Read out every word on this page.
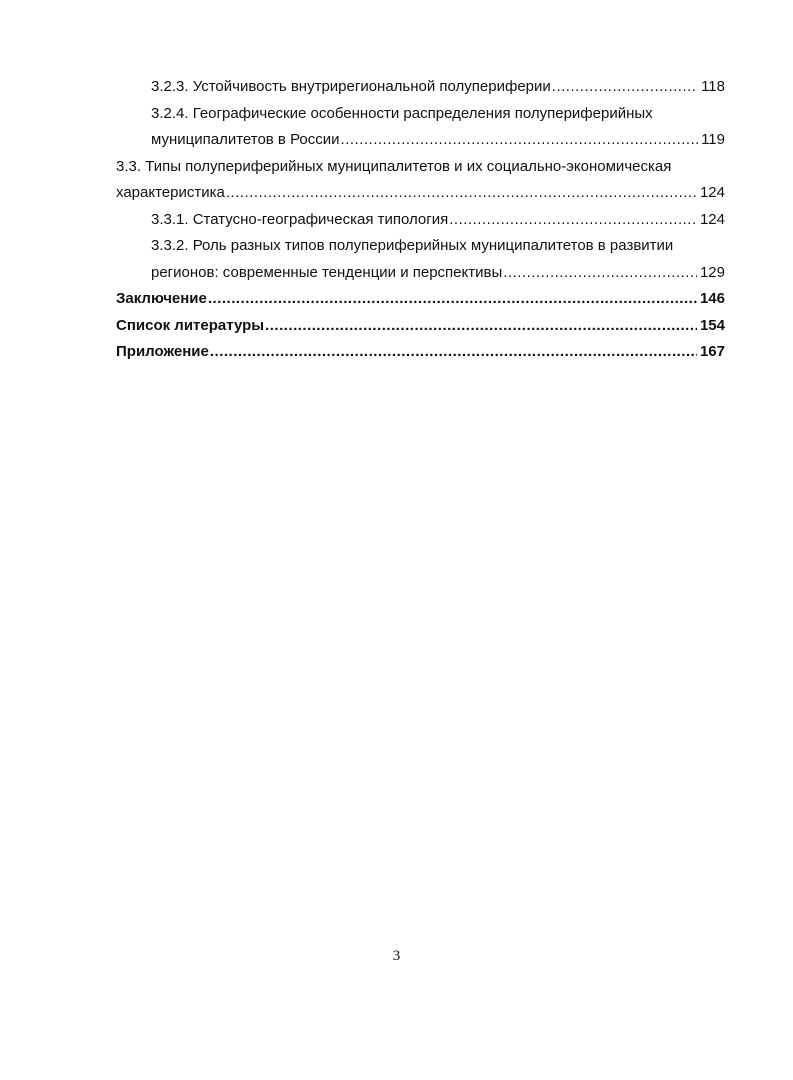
3.2.3. Устойчивость внутрирегиональной полупериферии .....	118
3.2.4. Географические особенности распределения полупериферийных
муниципалитетов в России .....	119
3.3. Типы полупериферийных муниципалитетов и их социально-экономическая
характеристика .....	124
3.3.1. Статусно-географическая типология .....	124
3.3.2. Роль разных типов полупериферийных муниципалитетов в развитии
регионов: современные тенденции и перспективы .....	129
Заключение .....	146
Список литературы .....	154
Приложение .....	167
3
